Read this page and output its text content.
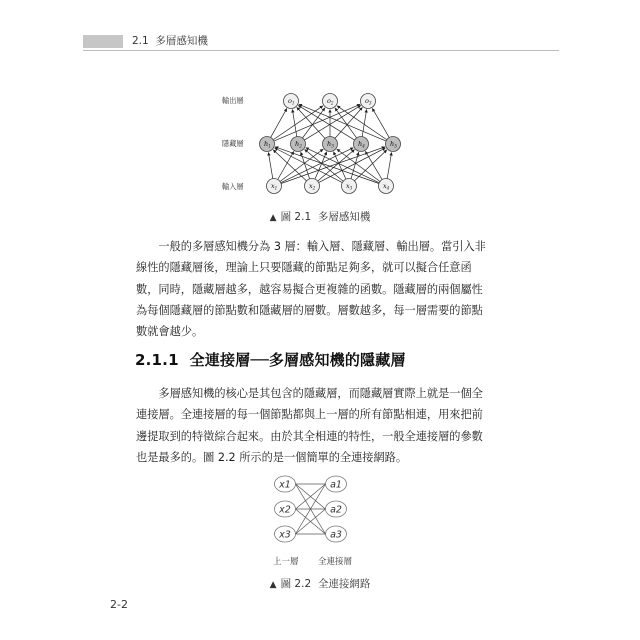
2.1 多層感知機
$o_1$	$o_2$	$o_3$
$h_1$	$h_2$	$h_3$	$h_4$	$h_5$
$x_1$	$x_2$	$x_3$	$x_4$
輸出層
隱藏層
輸入層
▲ 圖 2.1 多層感知機

一般的多層感知機分為 3 層：輸入層、隱藏層、輸出層。當引入非線性的隱藏層後，理論上只要隱藏的節點足夠多，就可以擬合任意函數，同時，隱藏層越多，越容易擬合更複雜的函數。隱藏層的兩個屬性為每個隱藏層的節點數和隱藏層的層數。層數越多，每一層需要的節點數就會越少。

2.1.1 全連接層──多層感知機的隱藏層

多層感知機的核心是其包含的隱藏層，而隱藏層實際上就是一個全連接層。全連接層的每一個節點都與上一層的所有節點相連，用來把前邊提取到的特徵綜合起來。由於其全相連的特性，一般全連接層的參數也是最多的。圖 2.2 所示的是一個簡單的全連接網路。

x1
x2
x3
a1
a2
a3
上一層 全連接層
▲ 圖 2.2 全連接網路
2-2
